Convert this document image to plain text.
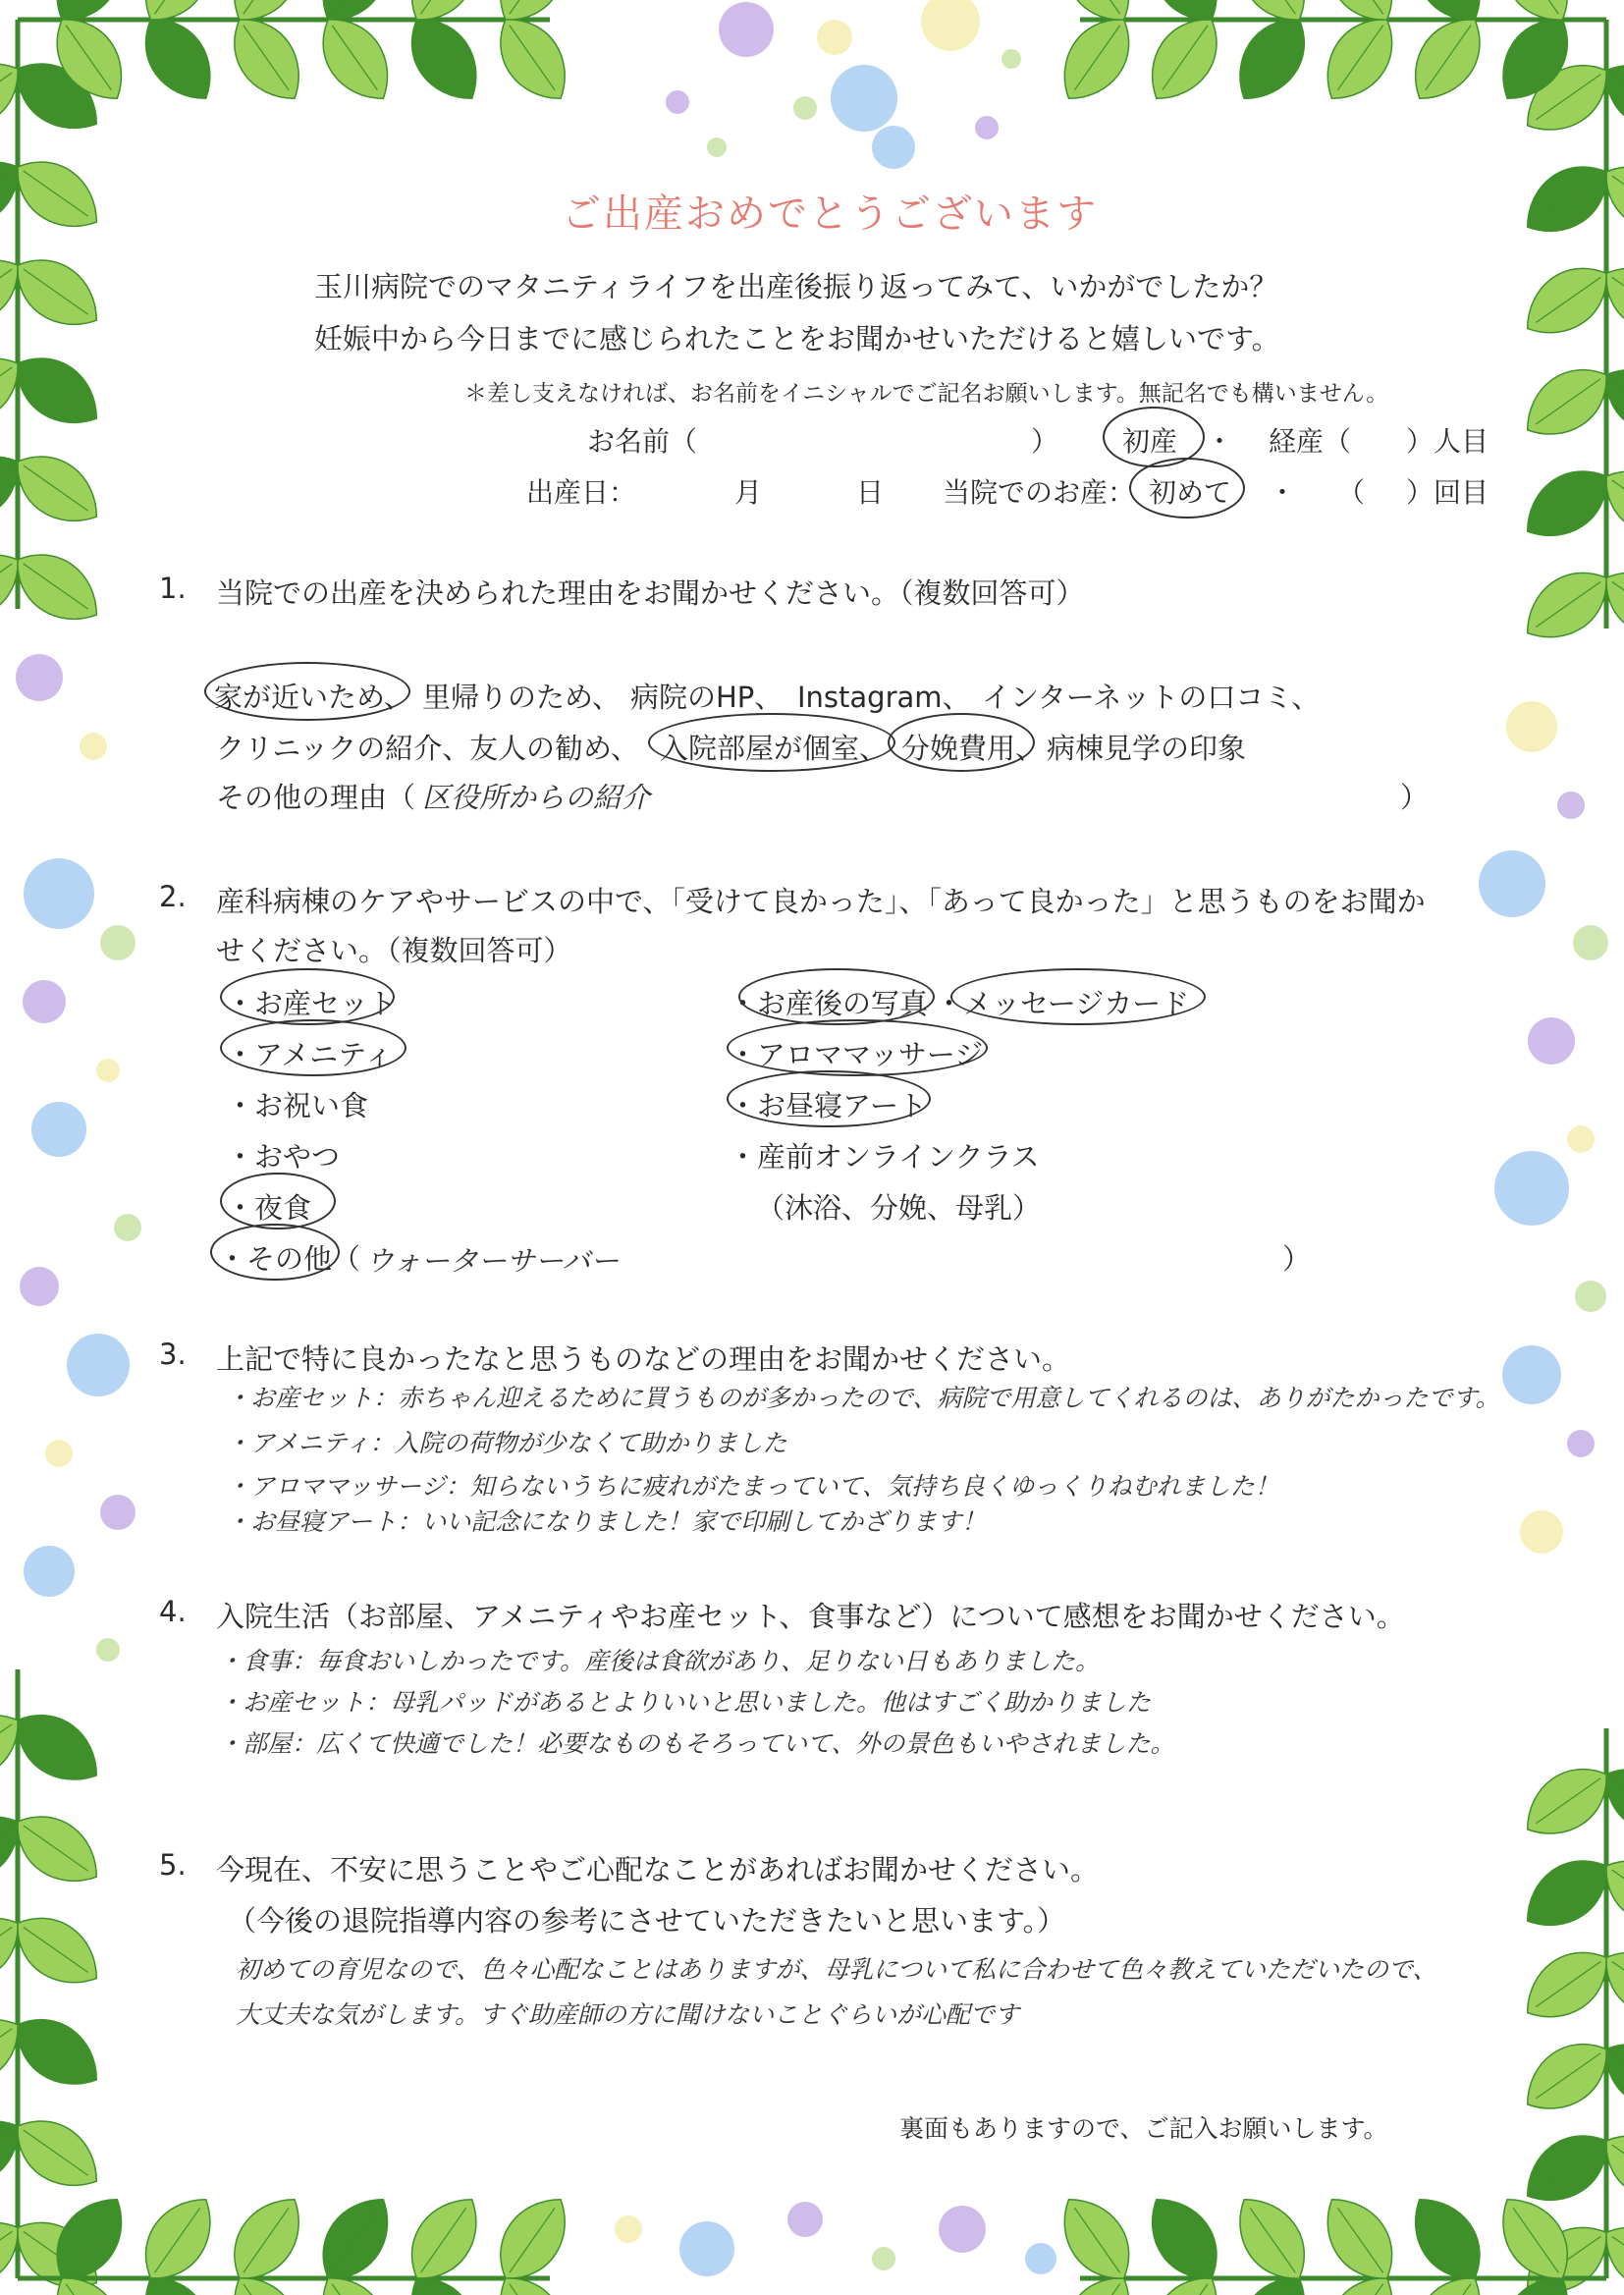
ご出産おめでとうございます
玉川病院でのマタニティライフを出産後振り返ってみて、いかがでしたか？
妊娠中から今日までに感じられたことをお聞かせいただけると嬉しいです。
＊差し支えなければ、お名前をイニシャルでご記名お願いします。無記名でも構いません。
お名前（	） 初産 ・ 経産（ ）人目
出産日：	月	日 当院でのお産： 初めて ・ （ ）回目
1. 当院での出産を決められた理由をお聞かせください。（複数回答可）
家が近いため、 里帰りのため、 病院のHP、 Instagram、 インターネットの口コミ、
クリニックの紹介、
友人の勧め、 入院部屋が個室、 分娩費用、 病棟見学の印象
その他の理由（ 区役所からの紹介	）
2. 産科病棟のケアやサービスの中で、「受けて良かった」、「あって良かった」と思うものをお聞か
せください。（複数回答可）
・お産セット
・アメニティ
・お祝い食
・おやつ
・夜食
・その他（ ウォーターサーバー	）
・お産後の写真 ・メッセージカード
・アロママッサージ
・お昼寝アート
・産前オンラインクラス
（沐浴、分娩、母乳）
3. 上記で特に良かったなと思うものなどの理由をお聞かせください。
・お産セット：赤ちゃん迎えるために買うものが多かったので、病院で用意してくれるのは、ありがたかったです。
・アメニティ：入院の荷物が少なくて助かりました
・アロママッサージ：知らないうちに疲れがたまっていて、気持ち良くゆっくりねむれました！
・お昼寝アート：いい記念になりました！家で印刷してかざります！
4. 入院生活（お部屋、アメニティやお産セット、食事など）について感想をお聞かせください。
・食事：毎食おいしかったです。産後は食欲があり、足りない日もありました。
・お産セット：母乳パッドがあるとよりいいと思いました。他はすごく助かりました
・部屋：広くて快適でした！必要なものもそろっていて、外の景色もいやされました。
5. 今現在、不安に思うことやご心配なことがあればお聞かせください。
（今後の退院指導内容の参考にさせていただきたいと思います。）
初めての育児なので、色々心配なことはありますが、母乳について私に合わせて色々教えていただいたので、
大丈夫な気がします。すぐ助産師の方に聞けないことぐらいが心配です
裏面もありますので、ご記入お願いします。
